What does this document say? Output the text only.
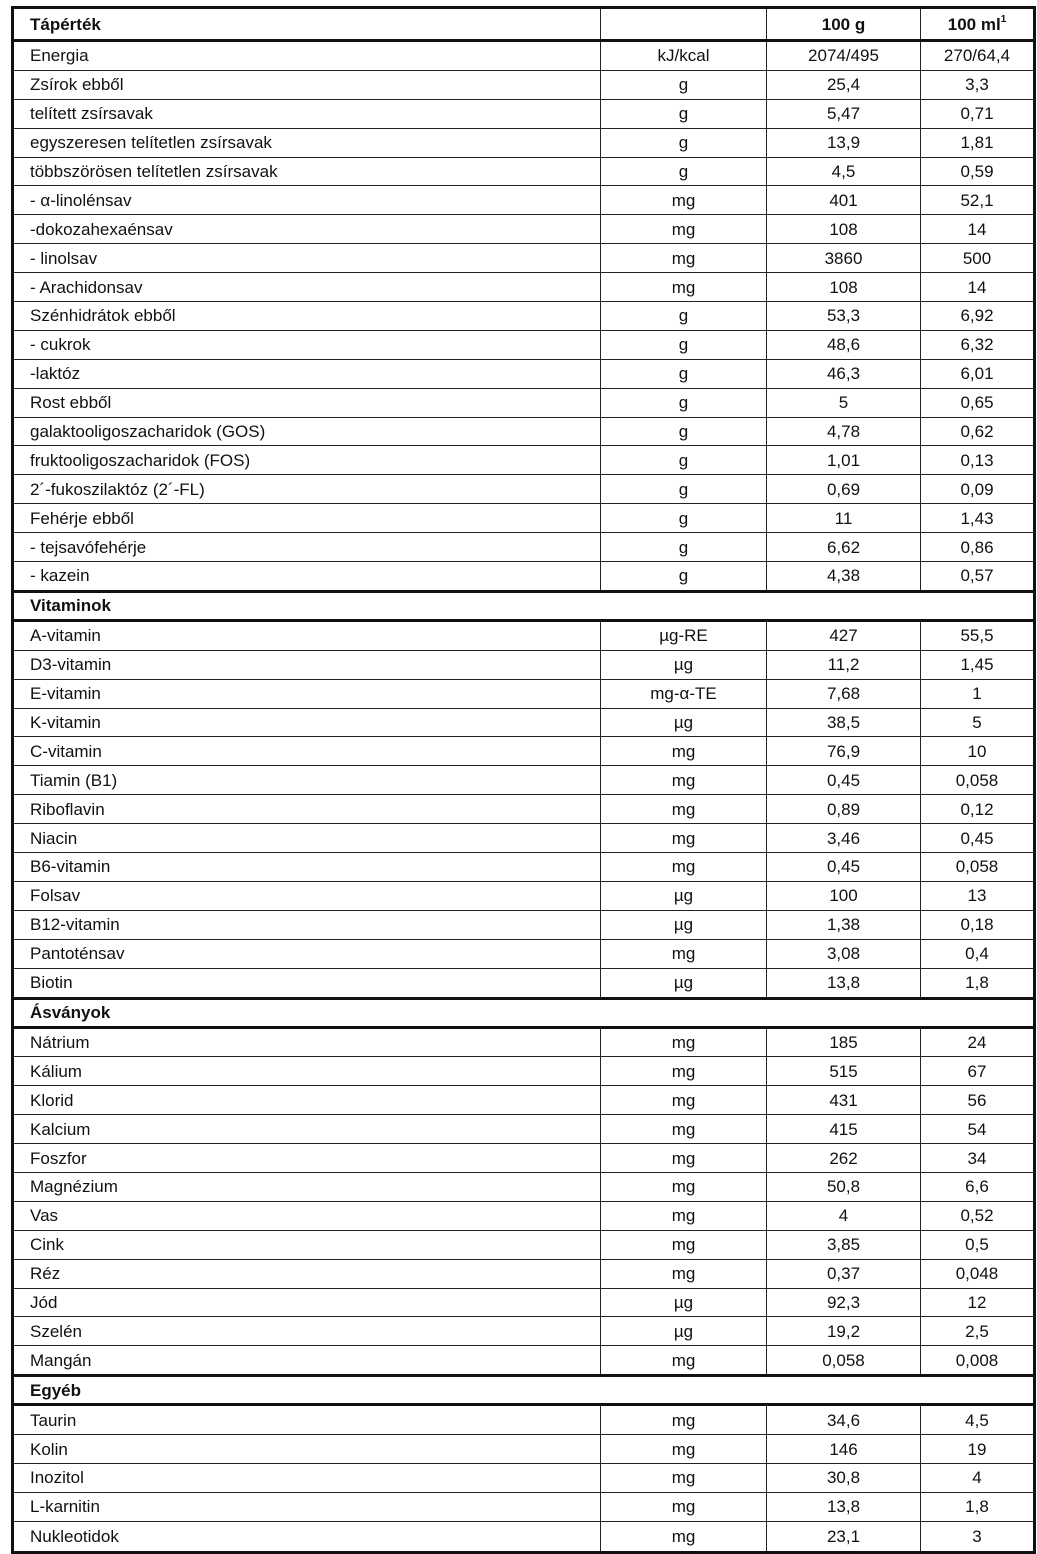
Tápérték		100 g	100 $ml^1$
Energia	kJ/kcal	2074/495	270/64,4
Zsírok ebből	g	25,4	3,3
telített zsírsavak	g	5,47	0,71
egyszeresen telítetlen zsírsavak	g	13,9	1,81
többszörösen telítetlen zsírsavak	g	4,5	0,59
- α-linolénsav	mg	401	52,1
-dokozahexaénsav	mg	108	14
- linolsav	mg	3860	500
- Arachidonsav	mg	108	14
Szénhidrátok ebből	g	53,3	6,92
- cukrok	g	48,6	6,32
-laktóz	g	46,3	6,01
Rost ebből	g	5	0,65
galaktooligoszacharidok (GOS)	g	4,78	0,62
fruktooligoszacharidok (FOS)	g	1,01	0,13
2´-fukoszilaktóz (2´-FL)	g	0,69	0,09
Fehérje ebből	g	11	1,43
- tejsavófehérje	g	6,62	0,86
- kazein	g	4,38	0,57
Vitaminok			
A-vitamin	µg-RE	427	55,5
D3-vitamin	µg	11,2	1,45
E-vitamin	mg-α-TE	7,68	1
K-vitamin	µg	38,5	5
C-vitamin	mg	76,9	10
Tiamin (B1)	mg	0,45	0,058
Riboflavin	mg	0,89	0,12
Niacin	mg	3,46	0,45
B6-vitamin	mg	0,45	0,058
Folsav	µg	100	13
B12-vitamin	µg	1,38	0,18
Pantoténsav	mg	3,08	0,4
Biotin	µg	13,8	1,8
Ásványok			
Nátrium	mg	185	24
Kálium	mg	515	67
Klorid	mg	431	56
Kalcium	mg	415	54
Foszfor	mg	262	34
Magnézium	mg	50,8	6,6
Vas	mg	4	0,52
Cink	mg	3,85	0,5
Réz	mg	0,37	0,048
Jód	µg	92,3	12
Szelén	µg	19,2	2,5
Mangán	mg	0,058	0,008
Egyéb			
Taurin	mg	34,6	4,5
Kolin	mg	146	19
Inozitol	mg	30,8	4
L-karnitin	mg	13,8	1,8
Nukleotidok	mg	23,1	3
